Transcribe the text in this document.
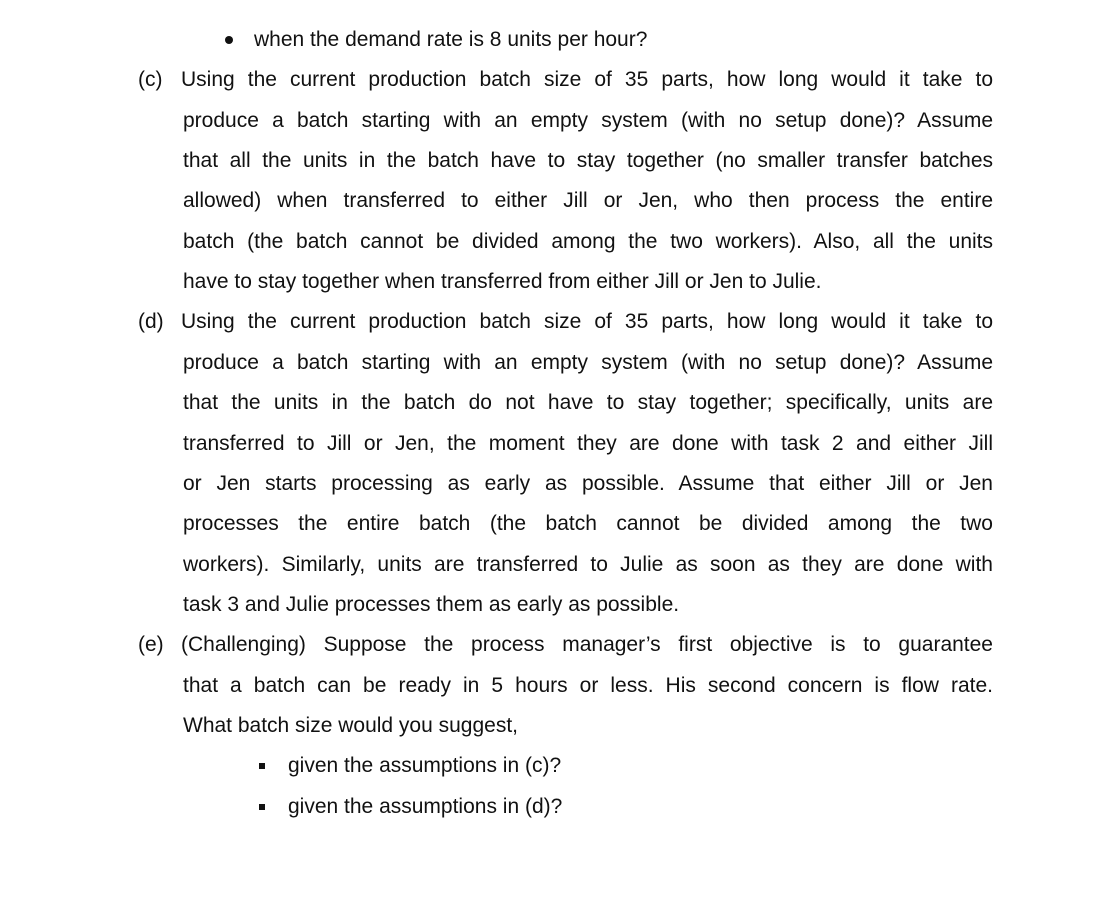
when the demand rate is 8 units per hour?
(c) Using the current production batch size of 35 parts, how long would it take to
produce a batch starting with an empty system (with no setup done)? Assume
that all the units in the batch have to stay together (no smaller transfer batches
allowed) when transferred to either Jill or Jen, who then process the entire
batch (the batch cannot be divided among the two workers). Also, all the units
have to stay together when transferred from either Jill or Jen to Julie.
(d) Using the current production batch size of 35 parts, how long would it take to
produce a batch starting with an empty system (with no setup done)? Assume
that the units in the batch do not have to stay together; specifically, units are
transferred to Jill or Jen, the moment they are done with task 2 and either Jill
or Jen starts processing as early as possible. Assume that either Jill or Jen
processes the entire batch (the batch cannot be divided among the two
workers). Similarly, units are transferred to Julie as soon as they are done with
task 3 and Julie processes them as early as possible.
(e) (Challenging) Suppose the process manager’s first objective is to guarantee
that a batch can be ready in 5 hours or less. His second concern is flow rate.
What batch size would you suggest,
given the assumptions in (c)?
given the assumptions in (d)?
